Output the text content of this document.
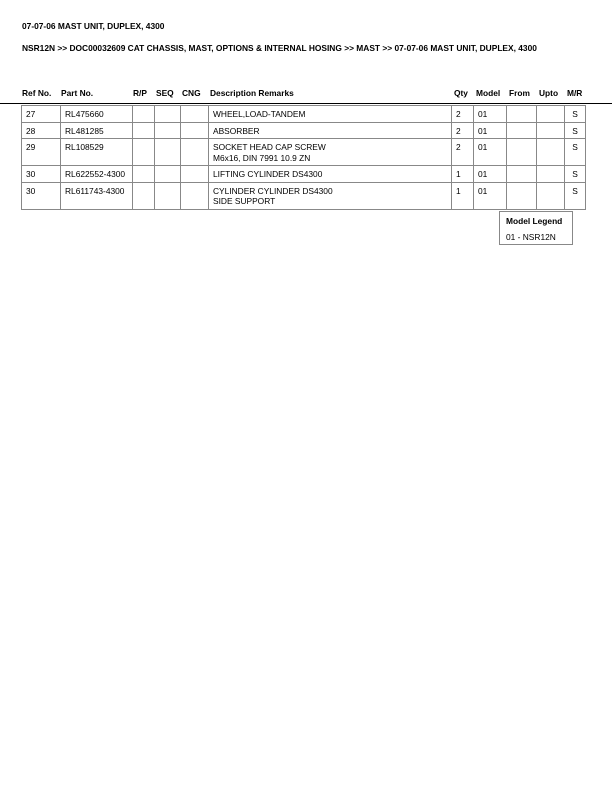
07-07-06 MAST UNIT, DUPLEX, 4300
NSR12N >> DOC00032609 CAT CHASSIS, MAST, OPTIONS & INTERNAL HOSING >> MAST >> 07-07-06 MAST UNIT, DUPLEX, 4300
Ref No. Part No.	R/P SEQ CNG Description Remarks	Qty Model From Upto M/R
27	RL475660				WHEEL,LOAD-TANDEM	2	01			S
28	RL481285				ABSORBER	2	01			S
29	RL108529				SOCKET HEAD CAP SCREW
M6x16, DIN 7991 10.9 ZN	2	01			S
30	RL622552-4300				LIFTING CYLINDER DS4300	1	01			S
30	RL611743-4300				CYLINDER CYLINDER DS4300
SIDE SUPPORT	1	01			S
Model Legend
01 - NSR12N
